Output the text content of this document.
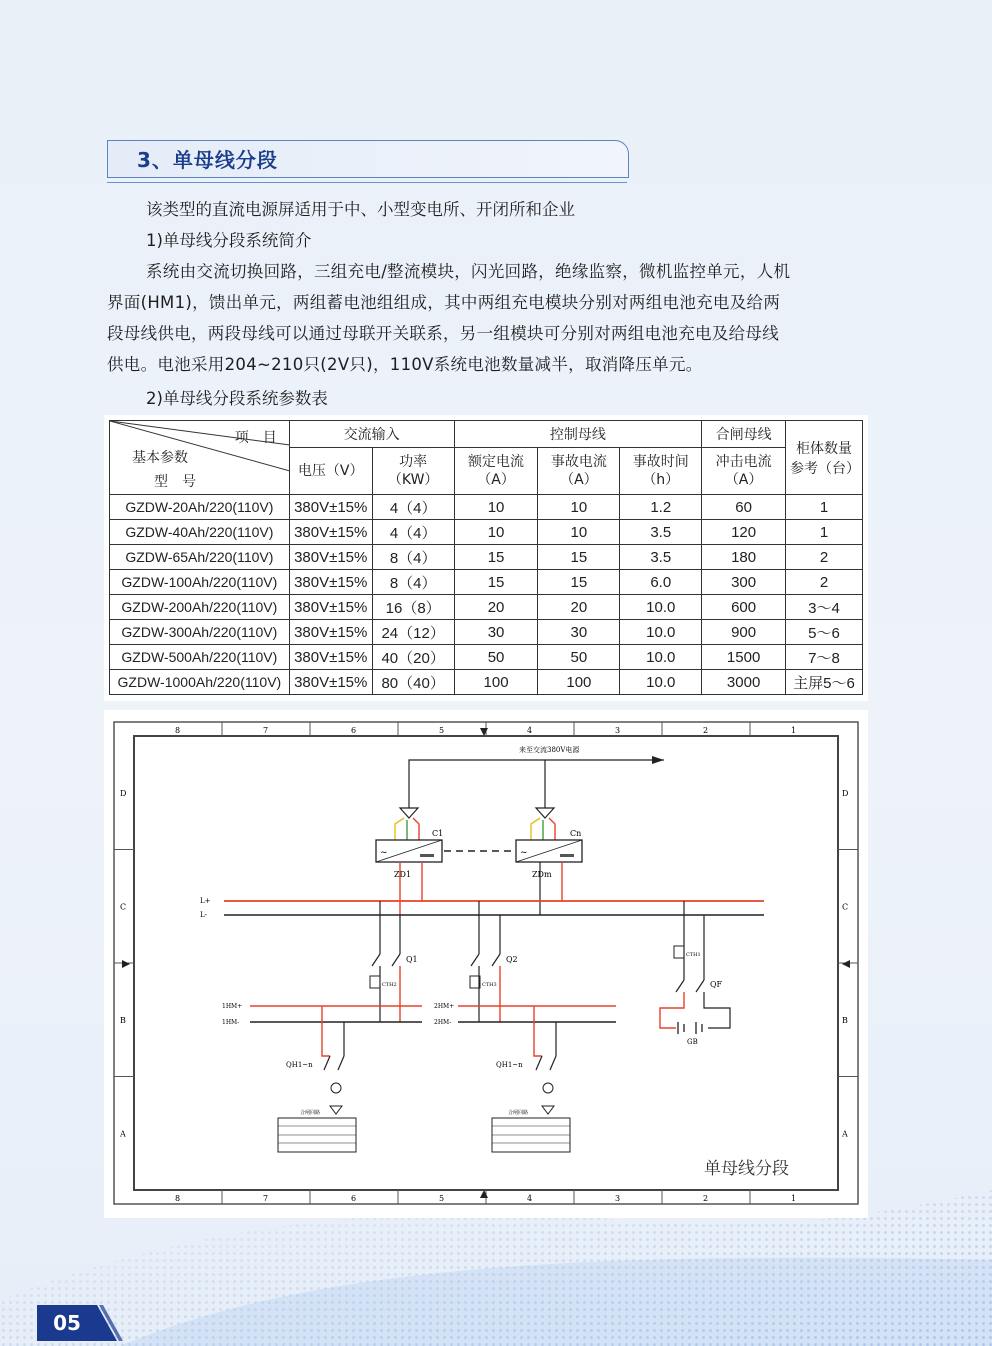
3、单母线分段
该类型的直流电源屏适用于中、小型变电所、开闭所和企业
1)单母线分段系统简介
系统由交流切换回路，三组充电/整流模块，闪光回路，绝缘监察，微机监控单元，人机
界面(HM1)，馈出单元，两组蓄电池组组成，其中两组充电模块分别对两组电池充电及给两
段母线供电，两段母线可以通过母联开关联系，另一组模块可分别对两组电池充电及给母线
供电。电池采用204~210只(2V只)，110V系统电池数量减半，取消降压单元。
2)单母线分段系统参数表
项　目
基本参数
型　号	交流输入		控制母线			合闸母线	柜体数量参考（台）
	电压（V）	功率（KW）	额定电流（A）	事故电流（A）	事故时间（h）	冲击电流（A）	
GZDW-20Ah/220(110V)	380V±15%	4（4）	10	10	1.2	60	1
GZDW-40Ah/220(110V)	380V±15%	4（4）	10	10	3.5	120	1
GZDW-65Ah/220(110V)	380V±15%	8（4）	15	15	3.5	180	2
GZDW-100Ah/220(110V)	380V±15%	8（4）	15	15	6.0	300	2
GZDW-200Ah/220(110V)	380V±15%	16（8）	20	20	10.0	600	3～4
GZDW-300Ah/220(110V)	380V±15%	24（12）	30	30	10.0	900	5～6
GZDW-500Ah/220(110V)	380V±15%	40（20）	50	50	10.0	1500	7～8
GZDW-1000Ah/220(110V)	380V±15%	80（40）	100	100	10.0	3000	主屏5～6
8
8
7
7
6
6
5
5
4
4
3
3
2
2
1
1
D	D
C	C
B	B
A	A
来至交流380V电源
~
C1
~
Cn
ZD1	ZDm
L+
L-
Q1
CTH2
Q2
CTH3
CTH1
QF
GB
1HM+
1HM-
2HM+
2HM-
QH1~n
合闸回路
QH1~n
合闸回路
单母线分段
05
